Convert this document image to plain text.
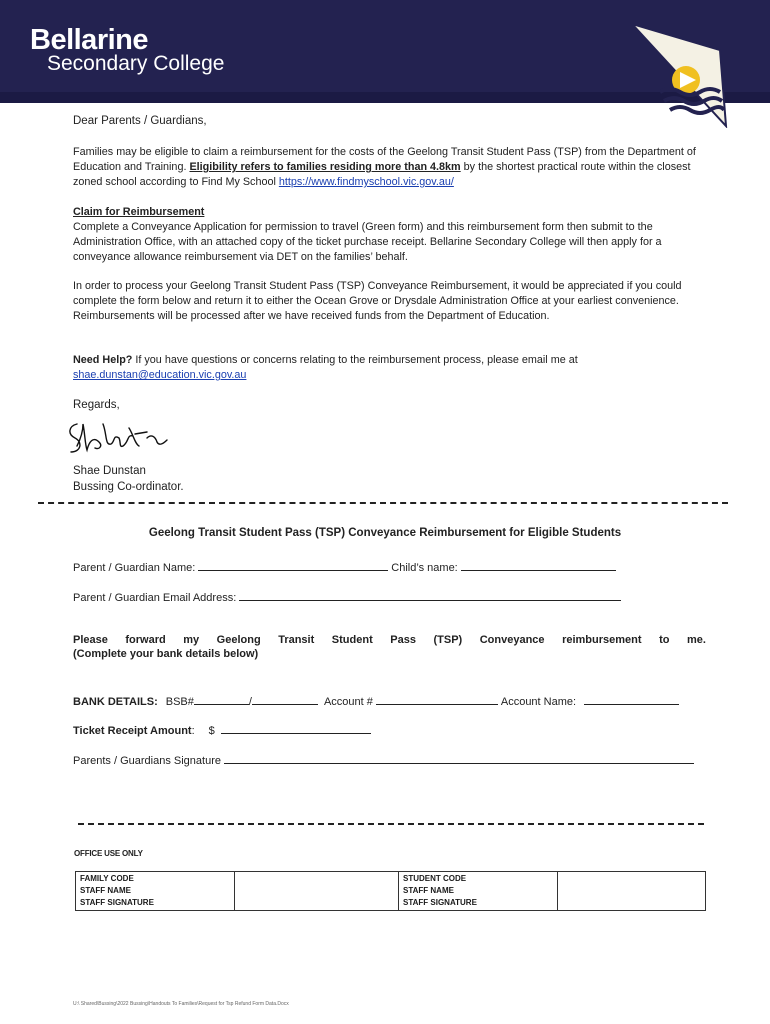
Bellarine
Secondary College
Dear Parents / Guardians,
Families may be eligible to claim a reimbursement for the costs of the Geelong Transit Student Pass (TSP) from the Department of Education and Training. Eligibility refers to families residing more than 4.8km by the shortest practical route within the closest zoned school according to Find My School https://www.findmyschool.vic.gov.au/

Claim for Reimbursement

Complete a Conveyance Application for permission to travel (Green form) and this reimbursement form then submit to the Administration Office, with an attached copy of the ticket purchase receipt. Bellarine Secondary College will then apply for a conveyance allowance reimbursement via DET on the families’ behalf.

In order to process your Geelong Transit Student Pass (TSP) Conveyance Reimbursement, it would be appreciated if you could complete the form below and return it to either the Ocean Grove or Drysdale Administration Office at your earliest convenience. Reimbursements will be processed after we have received funds from the Department of Education.
Need Help? If you have questions or concerns relating to the reimbursement process, please email me at
shae.dunstan@education.vic.gov.au
Regards,
Shae Dunstan
Bussing Co-ordinator.
Geelong Transit Student Pass (TSP) Conveyance Reimbursement for Eligible Students
Parent / Guardian Name:	Child’s name:
Parent / Guardian Email Address:
Please forward my Geelong Transit Student Pass (TSP) Conveyance reimbursement to me.
(Complete your bank details below)
BANK DETAILS: BSB#	/	Account #	Account Name:
Ticket Receipt Amount : $
Parents / Guardians Signature
OFFICE USE ONLY
FAMILY CODE
STAFF NAME
STAFF SIGNATURE

STUDENT CODE
STAFF NAME
STAFF SIGNATURE

U:\ Shared\Bussing\2022 Bussing\Handouts To Families\Request for Tsp Refund Form Data.Docx
